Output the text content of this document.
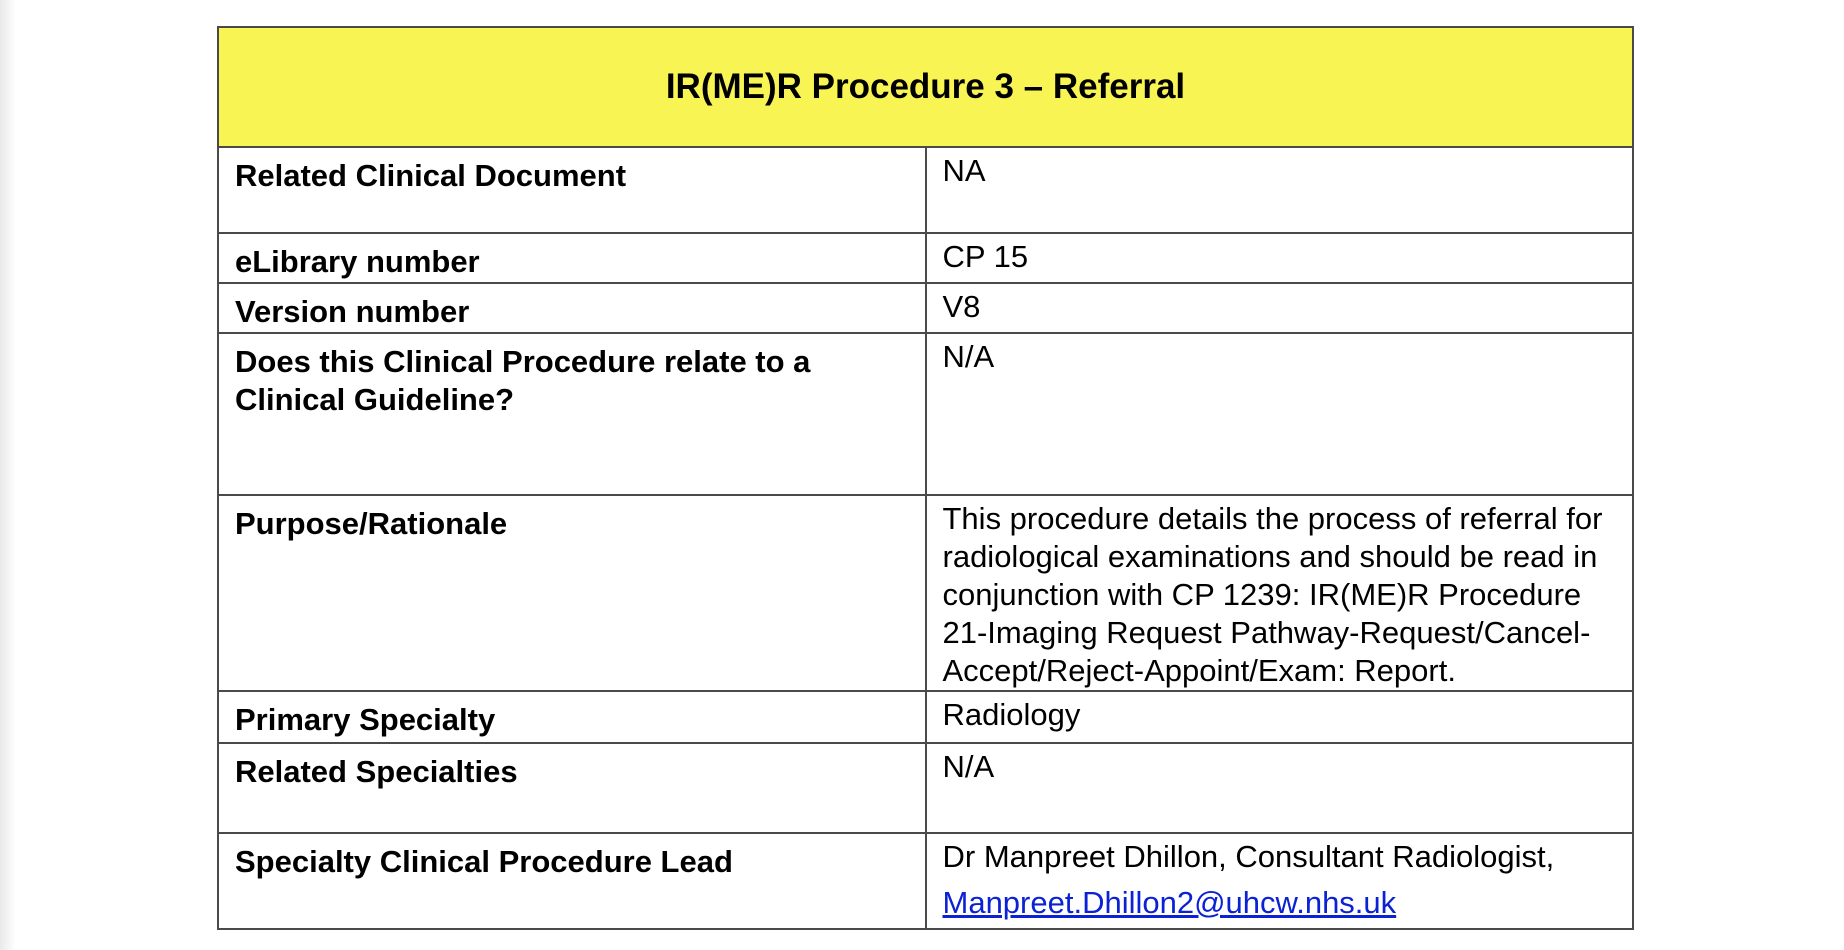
IR(ME)R Procedure 3 – Referral	
Related Clinical Document	NA
eLibrary number	CP 15
Version number	V8
Does this Clinical Procedure relate to a Clinical Guideline?	N/A
Purpose/Rationale	This procedure details the process of referral for radiological examinations and should be read in conjunction with CP 1239: IR(ME)R Procedure 21-Imaging Request Pathway-Request/Cancel-Accept/Reject-Appoint/Exam: Report.
Primary Specialty	Radiology
Related Specialties	N/A
Specialty Clinical Procedure Lead	Dr Manpreet Dhillon, Consultant Radiologist,
Manpreet.Dhillon2@uhcw.nhs.uk
